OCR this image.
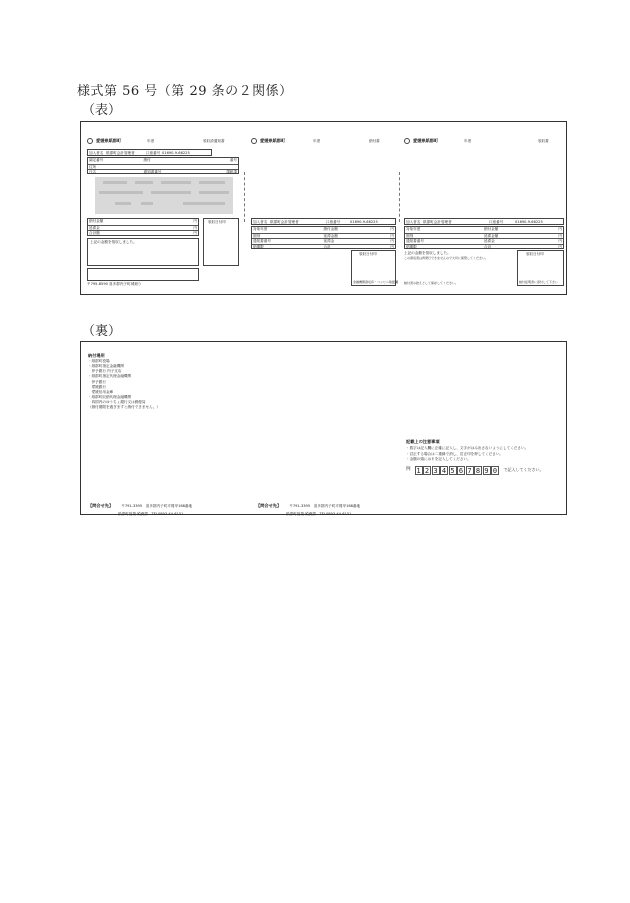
様式第 56 号（第 29 条の２関係）
（表）
愛媛県紙郡町	年度	領収済通知書
加入者名 紙郡町会計管理者	口座番号 01690-9-66225
調定番号	納付	番号
住所
氏名	通知書番号	課税課
納付金額	円
延滞金	円
合計額	円
領収日付印
上記の金額を領収しました。
〒795-8590 喜多郡内子町城廻り
愛媛県紙郡町	年度	納付書
加入者名 紙郡町会計管理者	口座番号	01690-9-66225
対象年度	納付金額	円
期別	延滞金額	円
通知書番号	延滞金	円
納期限	合計	円
領収日付印
金融機関領収印・コンビニ取扱欄
愛媛県紙郡町	年度	領収書
加入者名 紙郡町会計管理者	口座番号	01690-9-66225
対象年度	納付金額	円
期別	延滞金額	円
通知書番号	延滞金	円
納期限	合計	円
上記の金額を領収しました。
この領収書は再発行できませんので大切に保管してください。
領収日付印
納付証明書に添付して下さい
納付書の控えとして保存してください。
（裏）
納付場所
・紙郡町役場
・紙郡町指定金融機関
　伊予銀行 内子支店
・紙郡町指定代理金融機関
　伊予銀行
　愛媛銀行
　愛媛信用金庫
・紙郡町収納代理金融機関
　四国内のゆうちょ銀行又は郵便局
（納付期限を過ぎますと納付できません。）
記載上の注意事項
・数字は記入欄に正確に記入し、文字がはみ出さないようにしてください。
・訂正する場合は二重線で消し、訂正印を押してください。
・金額の頭には￥を記入してください。
例 1 2 3 4 5 6 7 8 9 0	で記入してください。
【問合せ先】 〒791-3395　喜多郡内子町平岡甲168番地
紙郡町役場 税務課　TEL0893-44-6151
【問合せ先】 〒791-3395　喜多郡内子町平岡甲168番地
紙郡町役場 税務課　TEL0893-44-6151
